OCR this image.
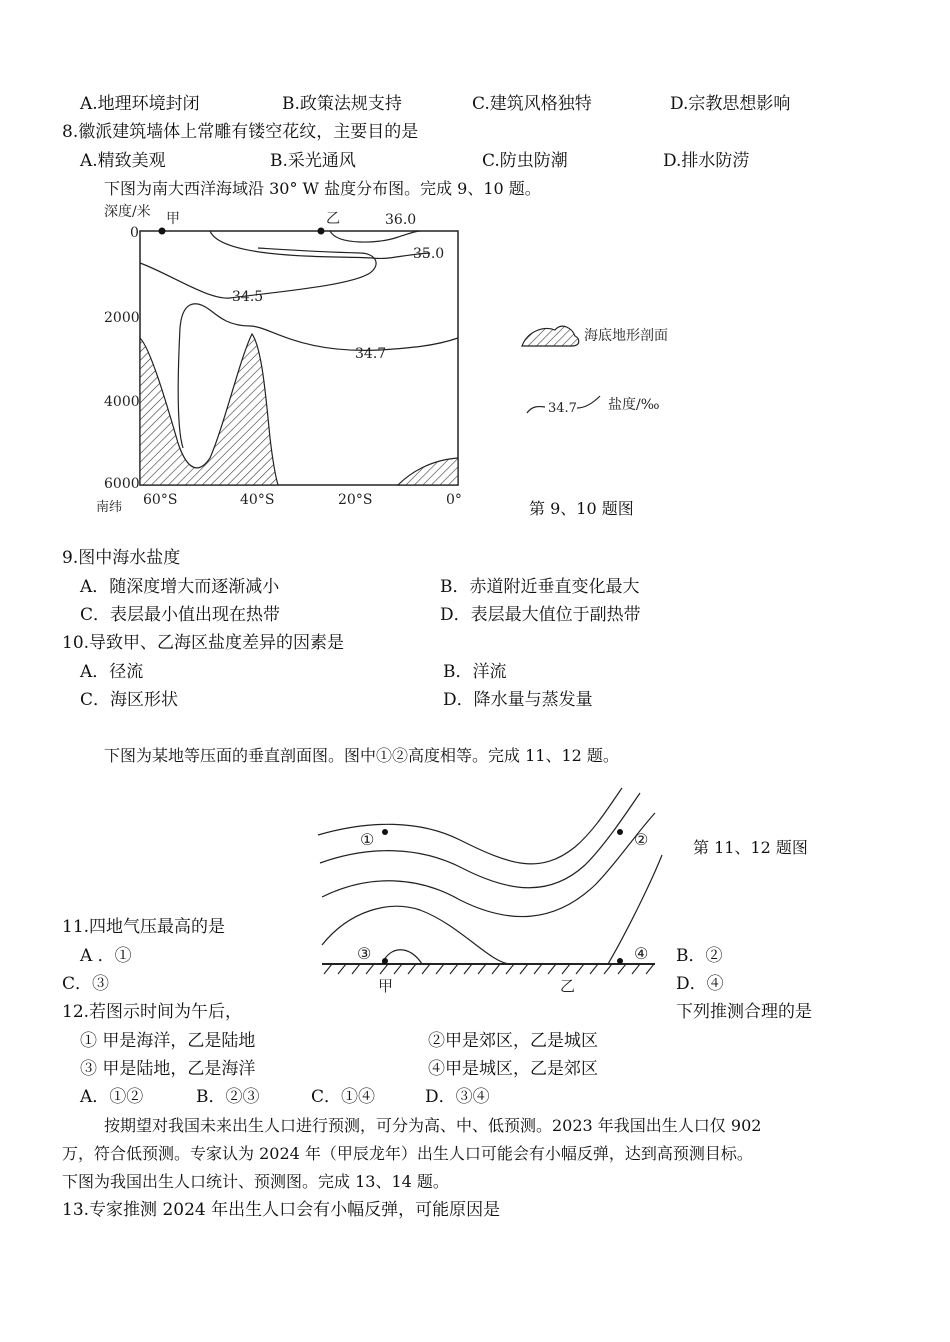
A.地理环境封闭	B.政策法规支持	C.建筑风格独特	D.宗教思想影响
8.徽派建筑墙体上常雕有镂空花纹，主要目的是
A.精致美观	B.采光通风	C.防虫防潮	D.排水防涝
下图为南大西洋海域沿 30° W 盐度分布图。完成 9、10 题。
深度/米
0
2000
4000
6000
南纬
甲	乙	36.0
35.0
34.5
34.7
60°S	40°S	20°S	0°
海底地形剖面
34.7 盐度/‰
第 9、10 题图
9.图中海水盐度
A．随深度增大而逐渐减小	B．赤道附近垂直变化最大
C．表层最小值出现在热带	D．表层最大值位于副热带
10.导致甲、乙海区盐度差异的因素是
A．径流	B．洋流
C．海区形状	D．降水量与蒸发量
下图为某地等压面的垂直剖面图。图中①②高度相等。完成 11、12 题。
①	②
③	④
甲	乙
第 11、12 题图
11.四地气压最高的是
A ．①	B．②
C．③	D．④
12.若图示时间为午后，	下列推测合理的是
① 甲是海洋，乙是陆地	②甲是郊区，乙是城区
③ 甲是陆地，乙是海洋	④甲是城区，乙是郊区
A．①②	B．②③	C．①④	D．③④
按期望对我国未来出生人口进行预测，可分为高、中、低预测。2023 年我国出生人口仅 902
万，符合低预测。专家认为 2024 年（甲辰龙年）出生人口可能会有小幅反弹，达到高预测目标。
下图为我国出生人口统计、预测图。完成 13、14 题。
13.专家推测 2024 年出生人口会有小幅反弹，可能原因是
